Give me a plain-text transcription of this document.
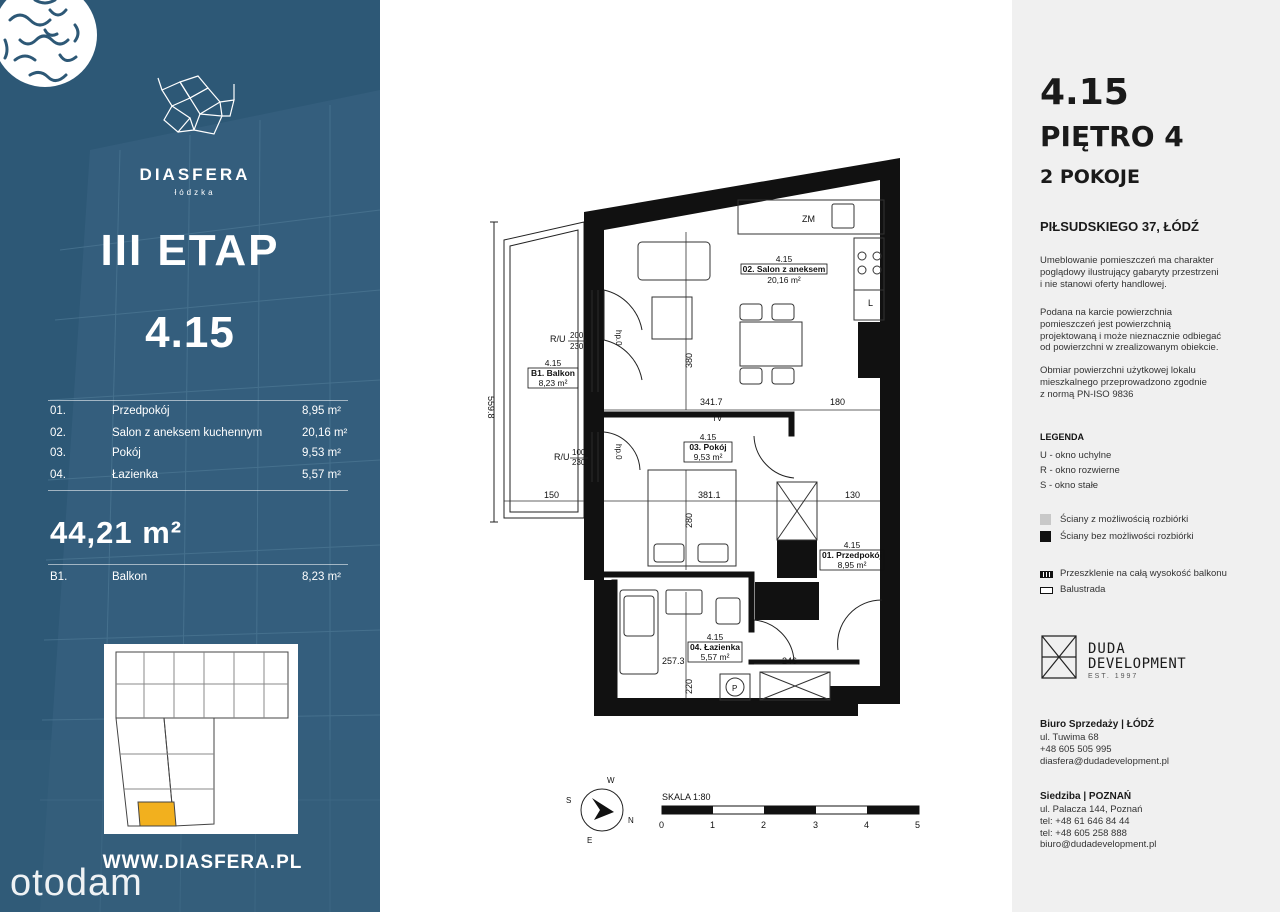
DIASFERA
łódzka
III ETAP
4.15
01.	Przedpokój	8,95 m²
02.	Salon z aneksem kuchennym	20,16 m²
03.	Pokój	9,53 m²
04.	Łazienka	5,57 m²
44,21 m²
B1.	Balkon	8,23 m²
WWW.DIASFERA.PL
otodam
4.15
02. Salon z aneksem
20,16 m²
4.15
B1. Balkon
8,23 m²
4.15
03. Pokój
9,53 m²
4.15
01. Przedpokój
8,95 m²
4.15
04. Łazienka
5,57 m²
380
341.7	180
381.1	130
150
559.8
280
257.3	246
220
R/U 200
230
hp.0
R/U 100
230
hp.0
ZM
L
TV
P
W
S
N
E
SKALA 1:80
0	1	2	3	4	5
4.15
PIĘTRO 4
2 POKOJE
PIŁSUDSKIEGO 37, ŁÓDŹ
Umeblowanie pomieszczeń ma charakter
poglądowy ilustrujący gabaryty przestrzeni
i nie stanowi oferty handlowej.
Podana na karcie powierzchnia
pomieszczeń jest powierzchnią
projektowaną i może nieznacznie odbiegać
od powierzchni w zrealizowanym obiekcie.
Obmiar powierzchni użytkowej lokalu
mieszkalnego przeprowadzono zgodnie
z normą PN-ISO 9836
LEGENDA
U - okno uchylne
R - okno rozwierne
S - okno stałe
Ściany z możliwością rozbiórki
Ściany bez możliwości rozbiórki
Przeszklenie na całą wysokość balkonu
Balustrada
DUDA
DEVELOPMENT
EST. 1997
Biuro Sprzedaży | ŁÓDŹ
ul. Tuwima 68
+48 605 505 995
diasfera@dudadevelopment.pl
Siedziba | POZNAŃ
ul. Palacza 144, Poznań
tel: +48 61 646 84 44
tel: +48 605 258 888
biuro@dudadevelopment.pl
